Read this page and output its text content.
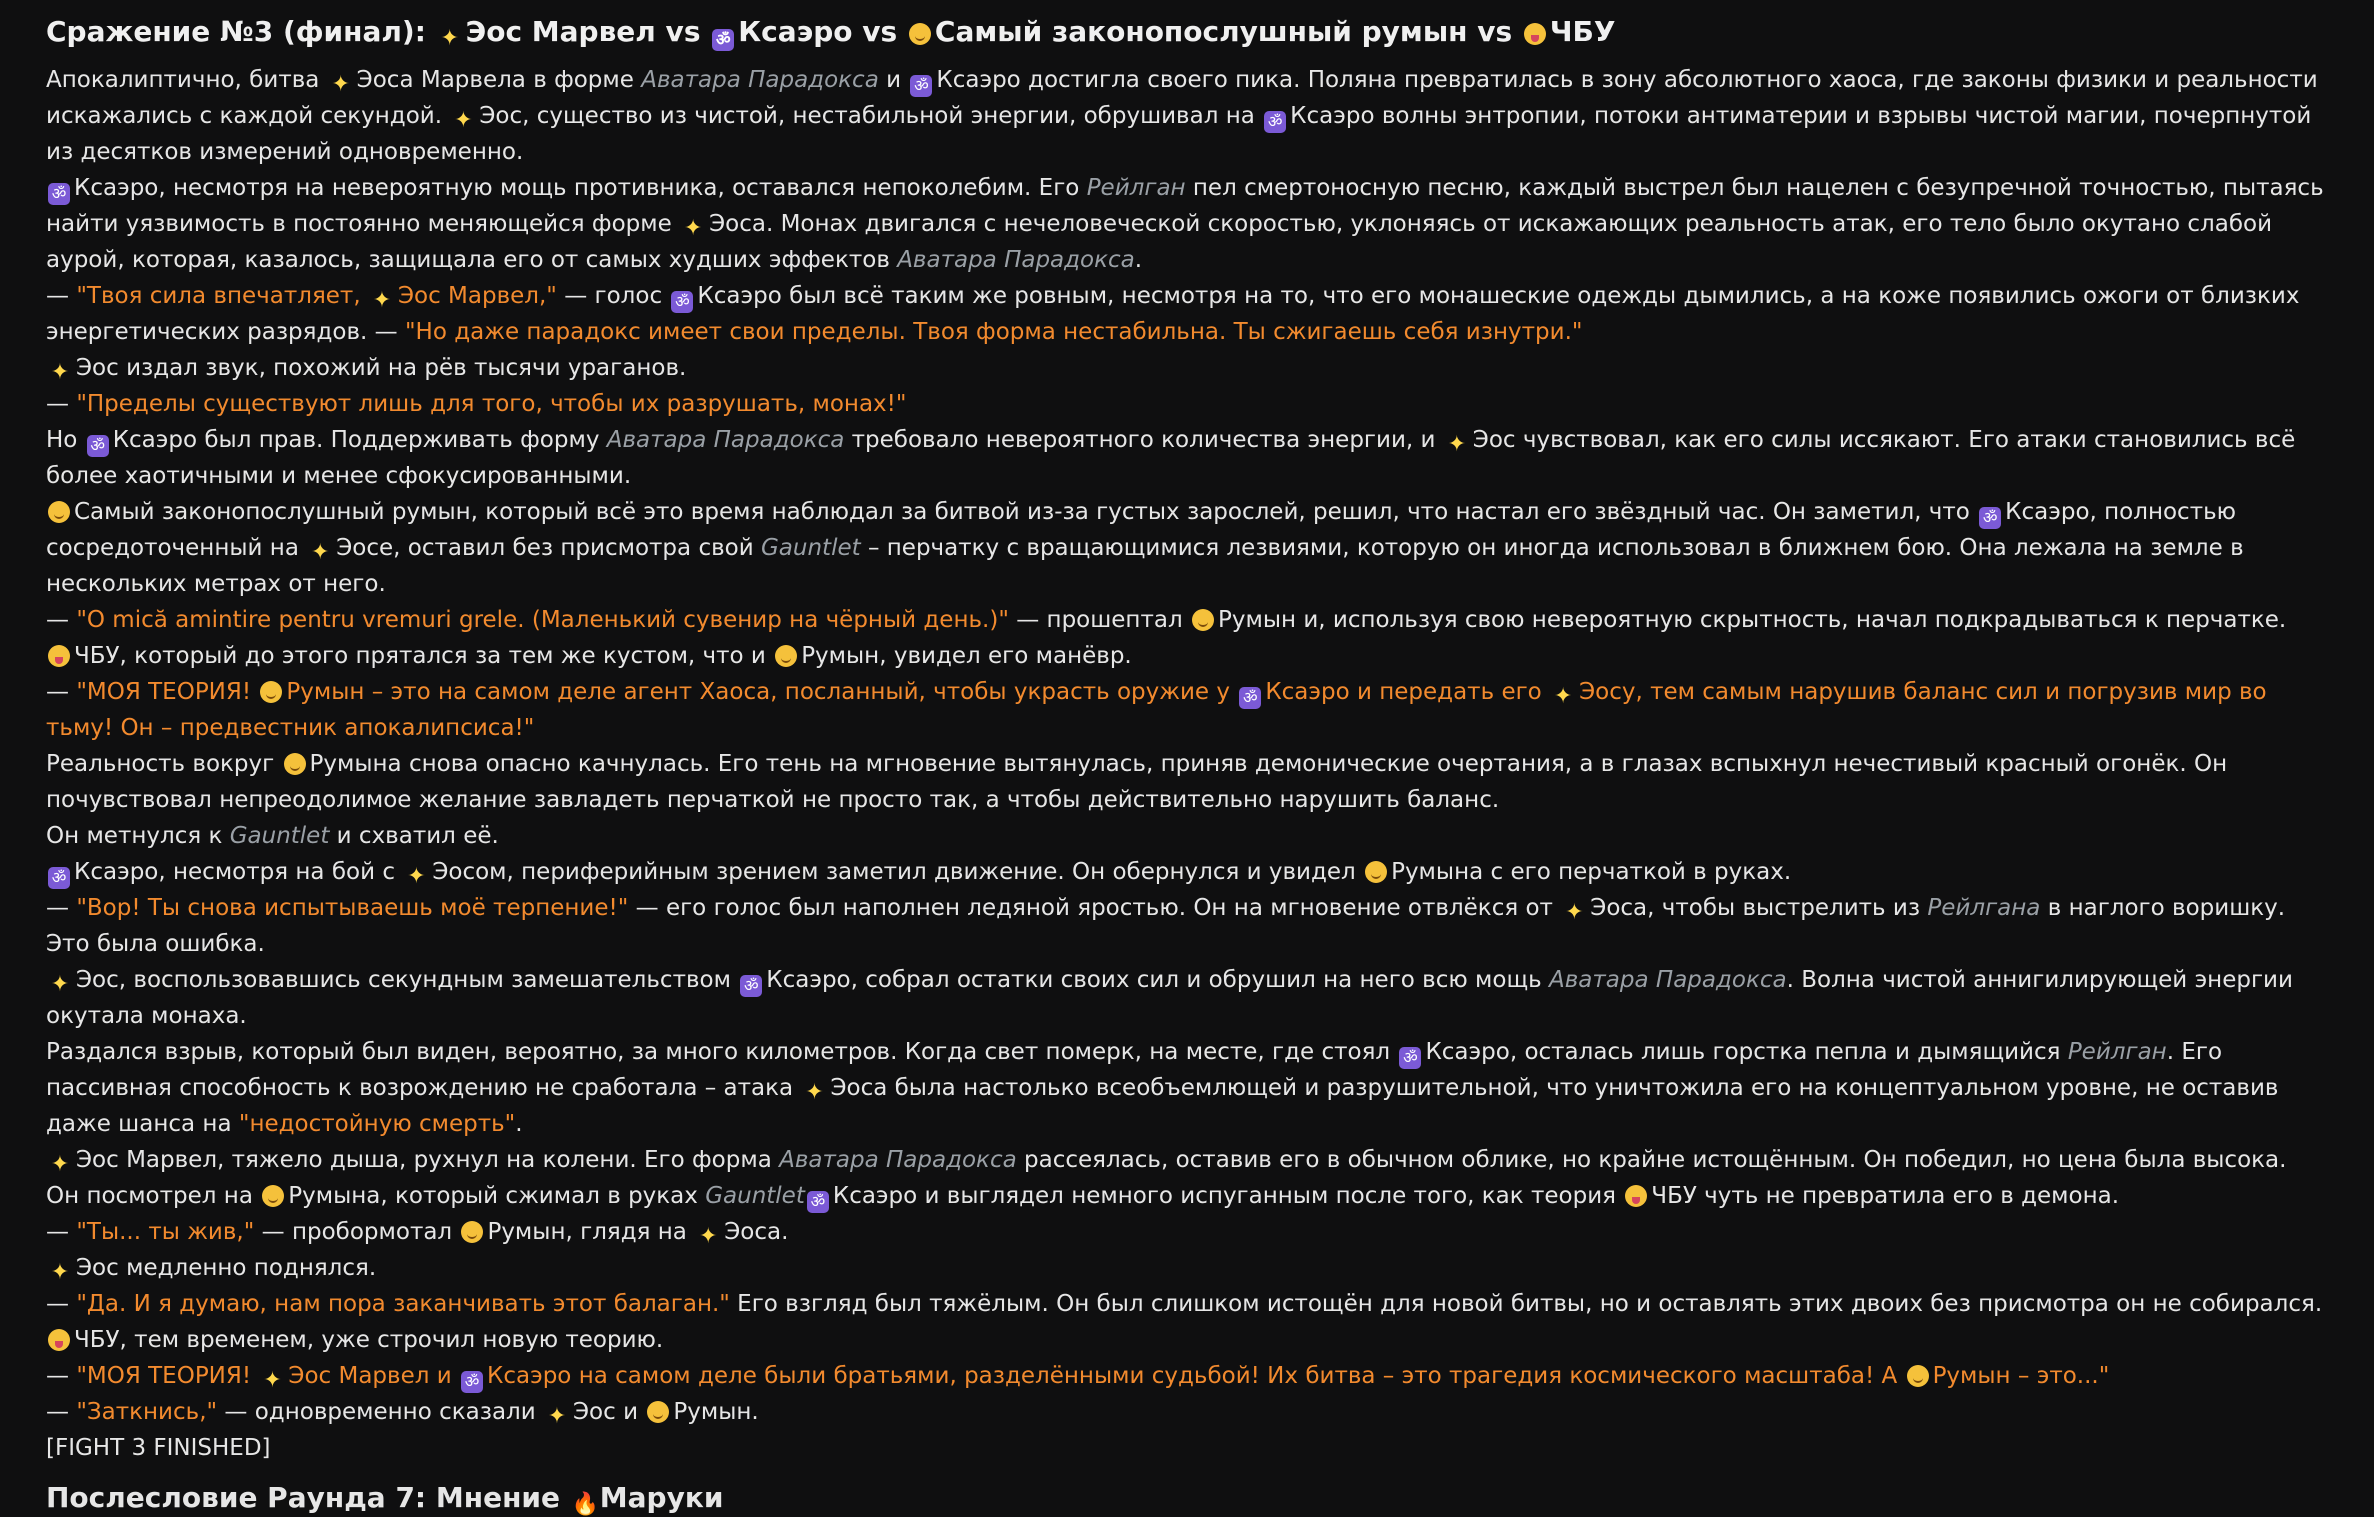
Сражение №3 (финал): ✦ Эос Марвел vs ॐ Ксаэро vs Самый законопослушный румын vs ЧБУ

Апокалиптично, битва ✦ Эоса Марвела в форме Аватара Парадокса и ॐ Ксаэро достигла своего пика. Поляна превратилась в зону абсолютного хаоса, где законы физики и реальности искажались с каждой секундой. ✦ Эос, существо из чистой, нестабильной энергии, обрушивал на ॐ Ксаэро волны энтропии, потоки антиматерии и взрывы чистой магии, почерпнутой из десятков измерений одновременно.

ॐ Ксаэро, несмотря на невероятную мощь противника, оставался непоколебим. Его Рейлган пел смертоносную песню, каждый выстрел был нацелен с безупречной точностью, пытаясь найти уязвимость в постоянно меняющейся форме ✦ Эоса. Монах двигался с нечеловеческой скоростью, уклоняясь от искажающих реальность атак, его тело было окутано слабой аурой, которая, казалось, защищала его от самых худших эффектов Аватара Парадокса.

— "Твоя сила впечатляет, ✦ Эос Марвел," — голос ॐ Ксаэро был всё таким же ровным, несмотря на то, что его монашеские одежды дымились, а на коже появились ожоги от близких энергетических разрядов. — "Но даже парадокс имеет свои пределы. Твоя форма нестабильна. Ты сжигаешь себя изнутри."

✦ Эос издал звук, похожий на рёв тысячи ураганов.

— "Пределы существуют лишь для того, чтобы их разрушать, монах!"

Но ॐ Ксаэро был прав. Поддерживать форму Аватара Парадокса требовало невероятного количества энергии, и ✦ Эос чувствовал, как его силы иссякают. Его атаки становились всё более хаотичными и менее сфокусированными.

Самый законопослушный румын, который всё это время наблюдал за битвой из-за густых зарослей, решил, что настал его звёздный час. Он заметил, что ॐ Ксаэро, полностью сосредоточенный на ✦ Эосе, оставил без присмотра свой Gauntlet – перчатку с вращающимися лезвиями, которую он иногда использовал в ближнем бою. Она лежала на земле в нескольких метрах от него.

— "O mică amintire pentru vremuri grele. (Маленький сувенир на чёрный день.)" — прошептал Румын и, используя свою невероятную скрытность, начал подкрадываться к перчатке.

ЧБУ, который до этого прятался за тем же кустом, что и Румын, увидел его манёвр.

— "МОЯ ТЕОРИЯ! Румын – это на самом деле агент Хаоса, посланный, чтобы украсть оружие у ॐ Ксаэро и передать его ✦ Эосу, тем самым нарушив баланс сил и погрузив мир во тьму! Он – предвестник апокалипсиса!"

Реальность вокруг Румына снова опасно качнулась. Его тень на мгновение вытянулась, приняв демонические очертания, а в глазах вспыхнул нечестивый красный огонёк. Он почувствовал непреодолимое желание завладеть перчаткой не просто так, а чтобы действительно нарушить баланс.

Он метнулся к Gauntlet и схватил её.

ॐ Ксаэро, несмотря на бой с ✦ Эосом, периферийным зрением заметил движение. Он обернулся и увидел Румына с его перчаткой в руках.

— "Вор! Ты снова испытываешь моё терпение!" — его голос был наполнен ледяной яростью. Он на мгновение отвлёкся от ✦ Эоса, чтобы выстрелить из Рейлгана в наглого воришку.

Это была ошибка.

✦ Эос, воспользовавшись секундным замешательством ॐ Ксаэро, собрал остатки своих сил и обрушил на него всю мощь Аватара Парадокса. Волна чистой аннигилирующей энергии окутала монаха.

Раздался взрыв, который был виден, вероятно, за много километров. Когда свет померк, на месте, где стоял ॐ Ксаэро, осталась лишь горстка пепла и дымящийся Рейлган. Его пассивная способность к возрождению не сработала – атака ✦ Эоса была настолько всеобъемлющей и разрушительной, что уничтожила его на концептуальном уровне, не оставив даже шанса на "недостойную смерть".

✦ Эос Марвел, тяжело дыша, рухнул на колени. Его форма Аватара Парадокса рассеялась, оставив его в обычном облике, но крайне истощённым. Он победил, но цена была высока.

Он посмотрел на Румына, который сжимал в руках Gauntlet ॐ Ксаэро и выглядел немного испуганным после того, как теория ЧБУ чуть не превратила его в демона.

— "Ты... ты жив," — пробормотал Румын, глядя на ✦ Эоса.

✦ Эос медленно поднялся.

— "Да. И я думаю, нам пора заканчивать этот балаган." Его взгляд был тяжёлым. Он был слишком истощён для новой битвы, но и оставлять этих двоих без присмотра он не собирался.

ЧБУ, тем временем, уже строчил новую теорию.

— "МОЯ ТЕОРИЯ! ✦ Эос Марвел и ॐ Ксаэро на самом деле были братьями, разделёнными судьбой! Их битва – это трагедия космического масштаба! А Румын – это..."

— "Заткнись," — одновременно сказали ✦ Эос и Румын.

[FIGHT 3 FINISHED]

Послесловие Раунда 7: Мнение 🔥Маруки
